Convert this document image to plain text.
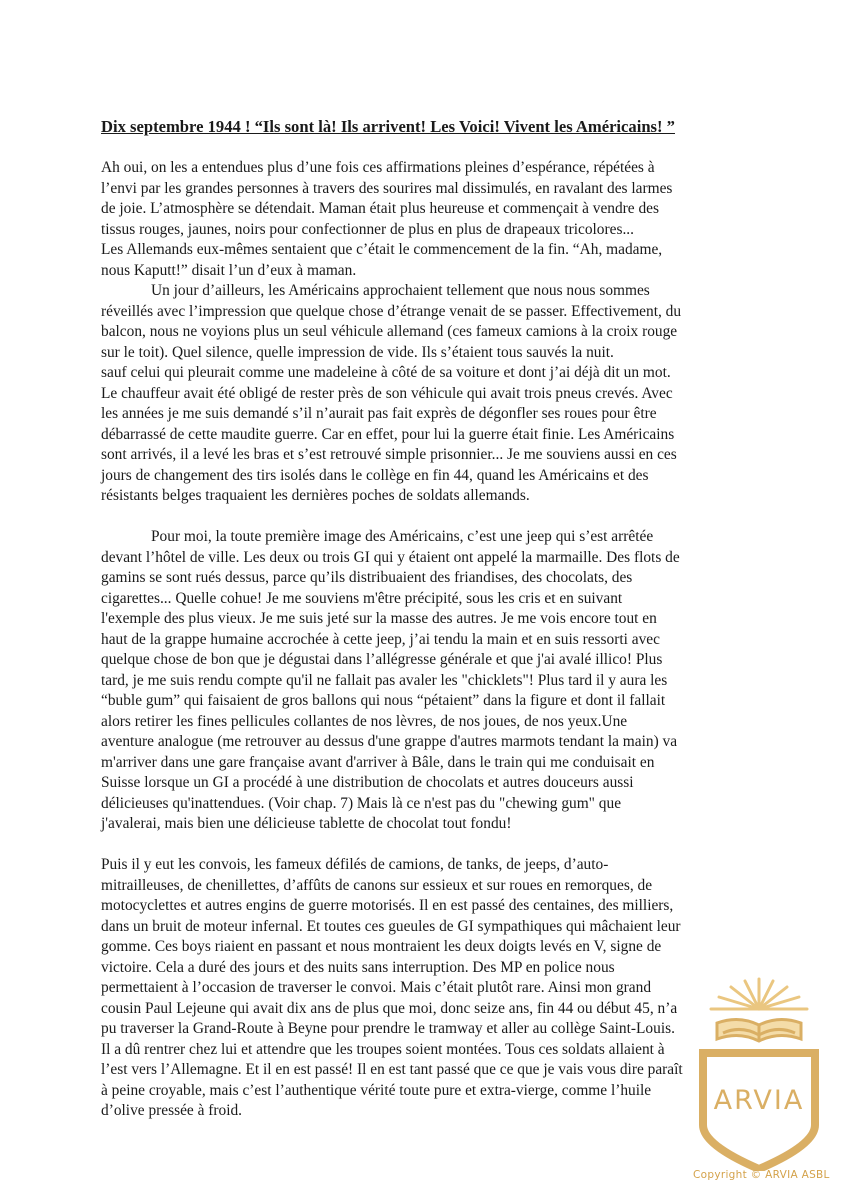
Dix septembre 1944 ! “Ils sont là! Ils arrivent! Les Voici! Vivent les Américains! ”
Ah oui, on les a entendues plus d’une fois ces affirmations pleines d’espérance, répétées à
l’envi par les grandes personnes à travers des sourires mal dissimulés, en ravalant des larmes
de joie. L’atmosphère se détendait. Maman était plus heureuse et commençait à vendre des
tissus rouges, jaunes, noirs pour confectionner de plus en plus de drapeaux tricolores...
Les Allemands eux-mêmes sentaient que c’était le commencement de la fin. “Ah, madame,
nous Kaputt!” disait l’un d’eux à maman.
Un jour d’ailleurs, les Américains approchaient tellement que nous nous sommes
réveillés avec l’impression que quelque chose d’étrange venait de se passer. Effectivement, du
balcon, nous ne voyions plus un seul véhicule allemand (ces fameux camions à la croix rouge
sur le toit). Quel silence, quelle impression de vide. Ils s’étaient tous sauvés la nuit.
sauf celui qui pleurait comme une madeleine à côté de sa voiture et dont j’ai déjà dit un mot.
Le chauffeur avait été obligé de rester près de son véhicule qui avait trois pneus crevés. Avec
les années je me suis demandé s’il n’aurait pas fait exprès de dégonfler ses roues pour être
débarrassé de cette maudite guerre. Car en effet, pour lui la guerre était finie. Les Américains
sont arrivés, il a levé les bras et s’est retrouvé simple prisonnier... Je me souviens aussi en ces
jours de changement des tirs isolés dans le collège en fin 44, quand les Américains et des
résistants belges traquaient les dernières poches de soldats allemands.
Pour moi, la toute première image des Américains, c’est une jeep qui s’est arrêtée
devant l’hôtel de ville. Les deux ou trois GI qui y étaient ont appelé la marmaille. Des flots de
gamins se sont rués dessus, parce qu’ils distribuaient des friandises, des chocolats, des
cigarettes... Quelle cohue! Je me souviens m'être précipité, sous les cris et en suivant
l'exemple des plus vieux. Je me suis jeté sur la masse des autres. Je me vois encore tout en
haut de la grappe humaine accrochée à cette jeep, j’ai tendu la main et en suis ressorti avec
quelque chose de bon que je dégustai dans l’allégresse générale et que j'ai avalé illico! Plus
tard, je me suis rendu compte qu'il ne fallait pas avaler les "chicklets"! Plus tard il y aura les
“buble gum” qui faisaient de gros ballons qui nous “pétaient” dans la figure et dont il fallait
alors retirer les fines pellicules collantes de nos lèvres, de nos joues, de nos yeux.Une
aventure analogue (me retrouver au dessus d'une grappe d'autres marmots tendant la main) va
m'arriver dans une gare française avant d'arriver à Bâle, dans le train qui me conduisait en
Suisse lorsque un GI a procédé à une distribution de chocolats et autres douceurs aussi
délicieuses qu'inattendues. (Voir chap. 7) Mais là ce n'est pas du "chewing gum" que
j'avalerai, mais bien une délicieuse tablette de chocolat tout fondu!
Puis il y eut les convois, les fameux défilés de camions, de tanks, de jeeps, d’auto-
mitrailleuses, de chenillettes, d’affûts de canons sur essieux et sur roues en remorques, de
motocyclettes et autres engins de guerre motorisés. Il en est passé des centaines, des milliers,
dans un bruit de moteur infernal. Et toutes ces gueules de GI sympathiques qui mâchaient leur
gomme. Ces boys riaient en passant et nous montraient les deux doigts levés en V, signe de
victoire. Cela a duré des jours et des nuits sans interruption. Des MP en police nous
permettaient à l’occasion de traverser le convoi. Mais c’était plutôt rare. Ainsi mon grand
cousin Paul Lejeune qui avait dix ans de plus que moi, donc seize ans, fin 44 ou début 45, n’a
pu traverser la Grand-Route à Beyne pour prendre le tramway et aller au collège Saint-Louis.
Il a dû rentrer chez lui et attendre que les troupes soient montées. Tous ces soldats allaient à
l’est vers l’Allemagne. Et il en est passé! Il en est tant passé que ce que je vais vous dire paraît
à peine croyable, mais c’est l’authentique vérité toute pure et extra-vierge, comme l’huile
d’olive pressée à froid.	ARVIA
Copyright © ARVIA ASBL
